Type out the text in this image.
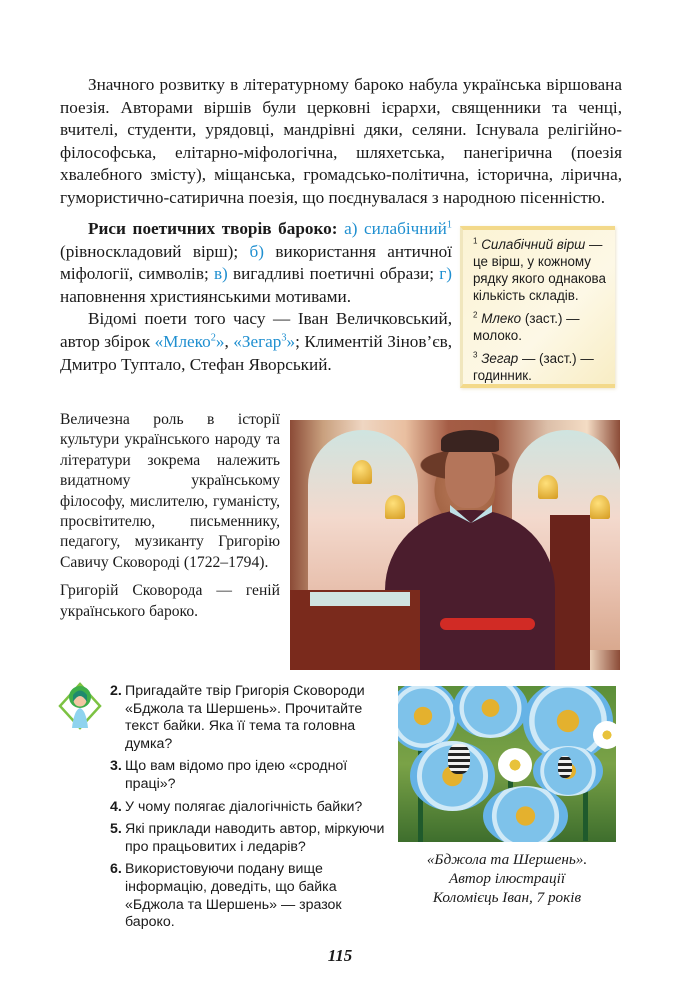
Значного розвитку в літературному бароко набула українська віршована поезія. Авторами віршів були церковні ієрархи, священники та ченці, вчителі, студенти, урядовці, мандрівні дяки, селяни. Існувала релігійно-філософська, елітарно-міфологічна, шляхетська, панегірична (поезія хвалебного змісту), міщанська, громадсько-політична, історична, лірична, гумористично-сатирична поезія, що поєднувалася з народною пісенністю.

Риси поетичних творів бароко: а) силабічний$^1$ (рівноскладовий вірш); б) використання античної міфології, символів; в) вигадливі поетичні образи; г) наповнення християнськими мотивами.

Відомі поети того часу — Іван Величковський, автор збірок «Млеко$^2$», «Зегар$^3$»; Климентій Зінов’єв, Дмитро Туптало, Стефан Яворський.

$^1$ Силабічний вірш — це вірш, у кожному рядку якого однакова кількість складів.
$^2$ Млеко (заст.) — молоко.
$^3$ Зегар — (заст.) — годинник.

Величезна роль в історії культури українського народу та літератури зокрема належить видатному українському філософу, мислителю, гуманісту, просвітителю, письменнику, педагогу, музиканту Григорію Савичу Сковороді (1722–1794).

Григорій Сковорода — геній українського бароко.

2. Пригадайте твір Григорія Сковороди «Бджола та Шершень». Прочитайте текст байки. Яка її тема та головна думка?
3. Що вам відомо про ідею «сродної праці»?
4. У чому полягає діалогічність байки?
5. Які приклади наводить автор, міркуючи про працьовитих і ледарів?
6. Використовуючи подану вище інформацію, доведіть, що байка «Бджола та Шершень» — зразок бароко.
«Бджола та Шершень».
Автор ілюстрації
Коломієць Іван, 7 років
115
